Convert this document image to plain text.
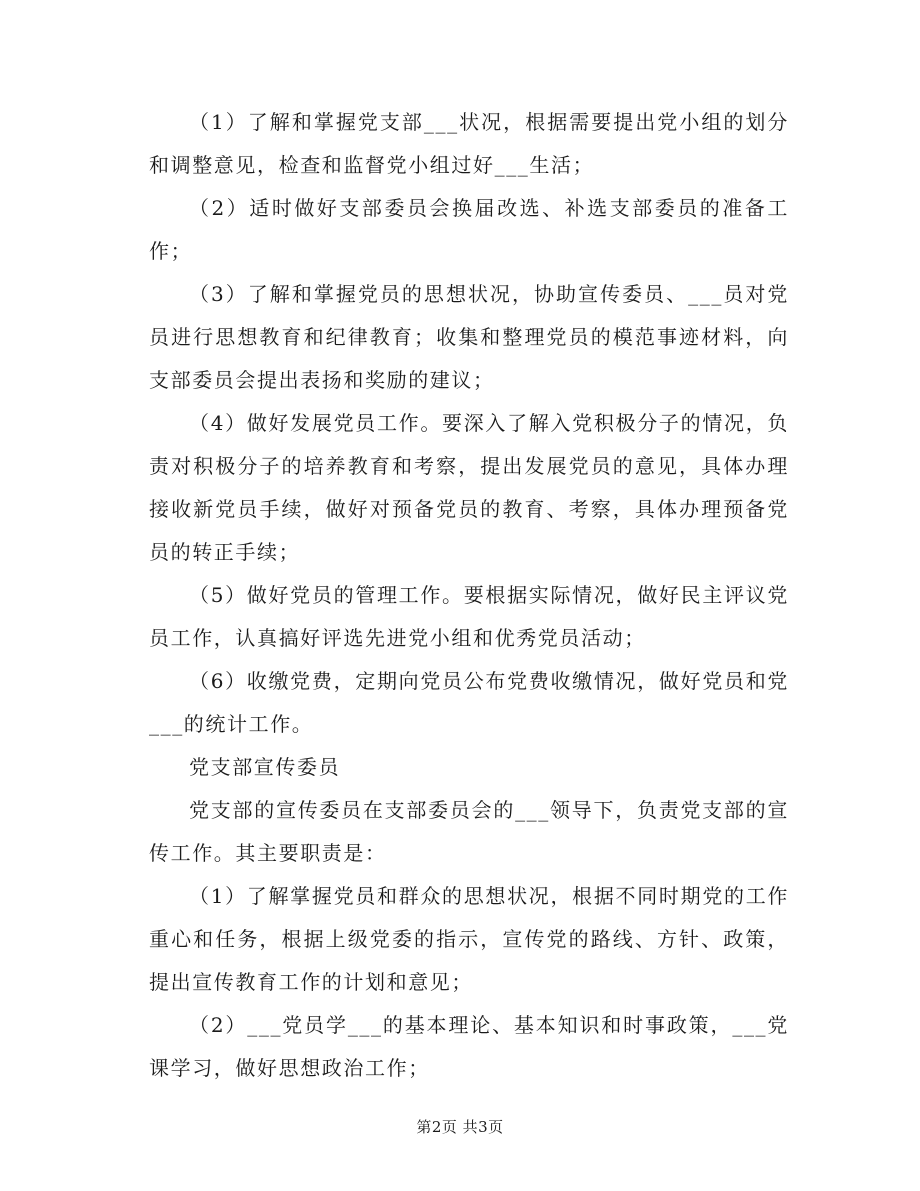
（1）了解和掌握党支部___状况，根据需要提出党小组的划分和调整意见，检查和监督党小组过好___生活；

（2）适时做好支部委员会换届改选、补选支部委员的准备工作；

（3）了解和掌握党员的思想状况，协助宣传委员、___员对党员进行思想教育和纪律教育；收集和整理党员的模范事迹材料，向支部委员会提出表扬和奖励的建议；

（4）做好发展党员工作。要深入了解入党积极分子的情况，负责对积极分子的培养教育和考察，提出发展党员的意见，具体办理接收新党员手续，做好对预备党员的教育、考察，具体办理预备党员的转正手续；

（5）做好党员的管理工作。要根据实际情况，做好民主评议党员工作，认真搞好评选先进党小组和优秀党员活动；

（6）收缴党费，定期向党员公布党费收缴情况，做好党员和党___的统计工作。

党支部宣传委员

党支部的宣传委员在支部委员会的___领导下，负责党支部的宣传工作。其主要职责是：

（1）了解掌握党员和群众的思想状况，根据不同时期党的工作重心和任务，根据上级党委的指示，宣传党的路线、方针、政策，提出宣传教育工作的计划和意见；

（2）___党员学___的基本理论、基本知识和时事政策，___党课学习，做好思想政治工作；

第2页 共3页
